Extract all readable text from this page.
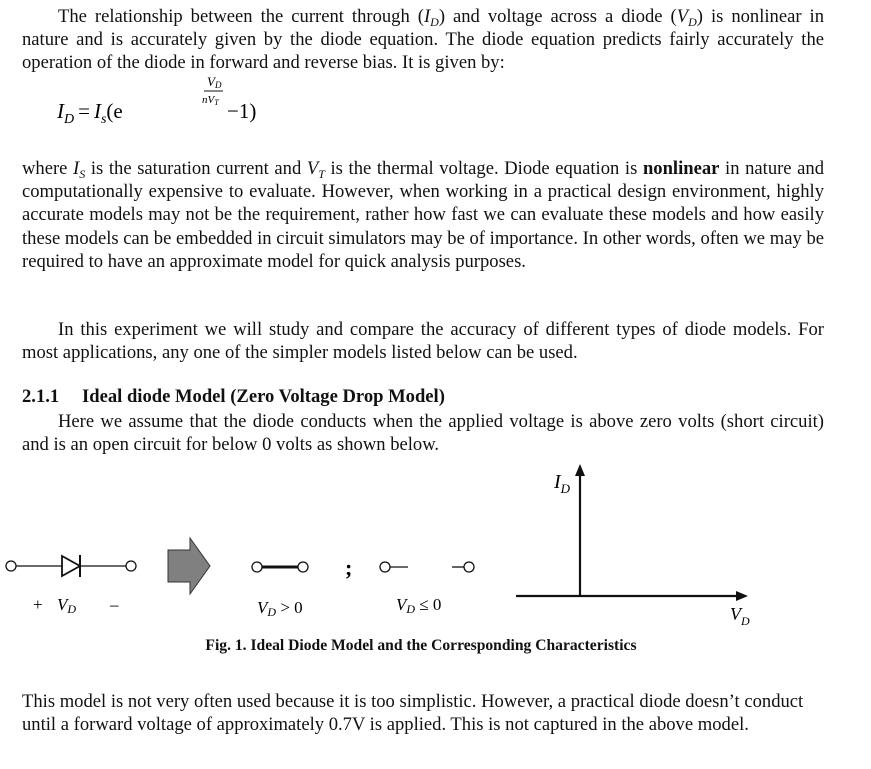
The relationship between the current through $(I_D)$ and voltage across a diode $(V_D)$ is nonlinear in nature and is accurately given by the diode equation. The diode equation predicts fairly accurately the operation of the diode in forward and reverse bias. It is given by:
VD
nVT
$I_D = I_s(e$	−1)
where $I_S$ is the saturation current and $V_T$ is the thermal voltage. Diode equation is nonlinear in nature and computationally expensive to evaluate. However, when working in a practical design environment, highly accurate models may not be the requirement, rather how fast we can evaluate these models and how easily these models can be embedded in circuit simulators may be of importance. In other words, often we may be required to have an approximate model for quick analysis purposes.
In this experiment we will study and compare the accuracy of different types of diode models. For most applications, any one of the simpler models listed below can be used.
2.1.1 Ideal diode Model (Zero Voltage Drop Model)
Here we assume that the diode conducts when the applied voltage is above zero volts (short circuit) and is an open circuit for below 0 volts as shown below.
+ VD –	VD > 0
;
VD ≤ 0
$I_D$
$V_D$
Fig. 1. Ideal Diode Model and the Corresponding Characteristics
This model is not very often used because it is too simplistic. However, a practical diode doesn’t conduct until a forward voltage of approximately 0.7V is applied. This is not captured in the above model.
